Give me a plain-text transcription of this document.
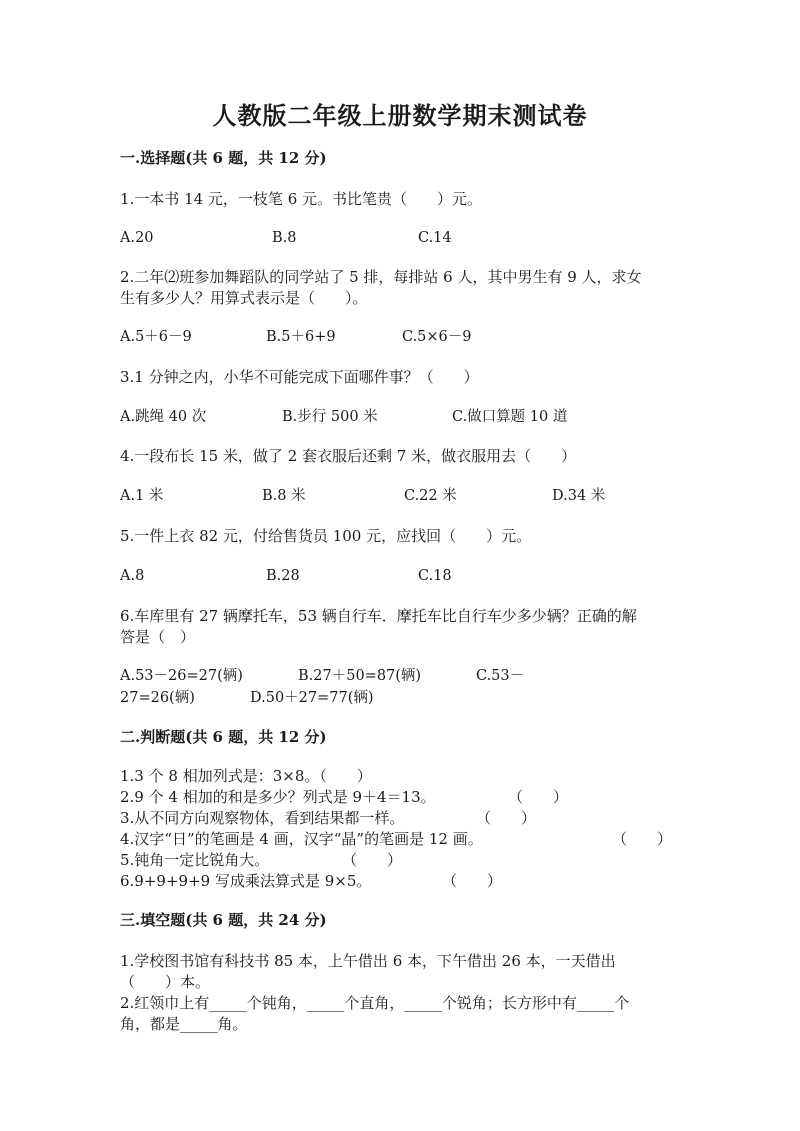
人教版二年级上册数学期末测试卷
一.选择题(共 6 题，共 12 分)
1.一本书 14 元，一枝笔 6 元。书比笔贵（　　）元。
A.20	B.8	C.14
2.二年⑵班参加舞蹈队的同学站了 5 排，每排站 6 人，其中男生有 9 人，求女
生有多少人？用算式表示是（　　）。
A.5＋6－9	B.5＋6+9	C.5×6－9
3.1 分钟之内，小华不可能完成下面哪件事？（　　）
A.跳绳 40 次	B.步行 500 米	C.做口算题 10 道
4.一段布长 15 米，做了 2 套衣服后还剩 7 米，做衣服用去（　　）
A.1 米	B.8 米	C.22 米	D.34 米
5.一件上衣 82 元，付给售货员 100 元，应找回（　　）元。
A.8	B.28	C.18
6.车库里有 27 辆摩托车，53 辆自行车．摩托车比自行车少多少辆？正确的解
答是（　）
A.53－26=27(辆)	B.27＋50=87(辆)	C.53－
27=26(辆)	D.50＋27=77(辆)
二.判断题(共 6 题，共 12 分)
1.3 个 8 相加列式是：3×8。（　　）
2.9 个 4 相加的和是多少？列式是 9＋4＝13。	（　　）
3.从不同方向观察物体，看到结果都一样。	（　　）
4.汉字“日”的笔画是 4 画，汉字“晶”的笔画是 12 画。	（　　）
5.钝角一定比锐角大。	（　　）
6.9+9+9+9 写成乘法算式是 9×5。	（　　）
三.填空题(共 6 题，共 24 分)
1.学校图书馆有科技书 85 本，上午借出 6 本，下午借出 26 本，一天借出
（　　）本。
2.红领巾上有_____个钝角，_____个直角，_____个锐角；长方形中有_____个
角，都是_____角。
